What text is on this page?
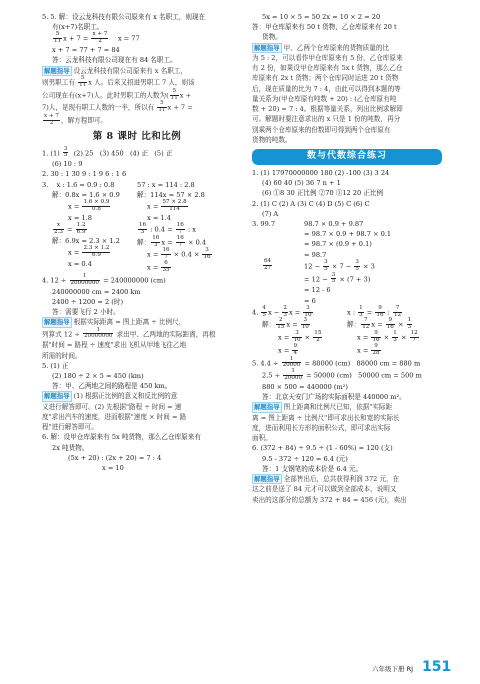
5. 5. 解：设云龙科技有限公司原来有 x 名职工，则现在
有(x+7)名职工。
$\frac{5}{11}$ $x + 7 = \frac{x + 7}{2}$ x = 77
x + 7 = 77 + 7 = 84
答：云龙科技有限公司现在有 84 名职工。
解题指导 设云龙科技有限公司原来有 x 名职工，
则男职工有 $\frac{5}{11}$ x 人。后来又招进男职工 7 人，则该
公司现在有(x+7)人。此时男职工的人数为( $\frac{5}{11}$ x +
7)人，是现有职工人数的一半，所以有 $\frac{5}{11}$ x + 7 =
$\frac{x + 7}{2}$ ，解方程即可。
第 8 课时 比和比例
1. $(1) \frac{3}{5} (2)$ 25   (3) 450   (4) 正   (5) 正
(6) 10 : 9
2. 30 : 1 30 9 : 1 9 6 : 1 6
3.    x : 1.6 = 0.9 : 0.8
解：0.8x = 1.6 × 0.9
$x = \frac{1.6 \times 0.9}{0.8}$
x = 1.8
$\frac{x}{2.3} = \frac{1.2}{6.9}$
解：6.9x = 2.3 × 1.2
$x = \frac{2.3 \times 1.2}{6.9}$
x = 0.4
57 : x = 114 : 2.8
解：114x = 57 × 2.8
$x = \frac{57 \times 2.8}{114}$
x = 1.4
$\frac{16}{3}$ : $0.4 = \frac{16}{7}$ : x
解： $\frac{16}{3}$ $x = \frac{16}{7} \times 0.4$
$x = \frac{16}{7} \times 0.4 \times \frac{3}{16}$
$x = \frac{6}{35}$
4. $12 \div \frac{1}{20000000} = 240000000$ (cm)
240000000 cm = 2400 km
2400 ÷ 1200 = 2 (时)
答：需要飞行 2 小时。
解题指导 根据实际距离 = 图上距离 ÷ 比例尺，
列算式 $12 \div \frac{1}{20000000}$ 求出甲、乙两地的实际距离，再根
据"时间 = 路程 ÷ 速度"求出飞机从甲地飞往乙地
所需的时间。
5. (1) 正
(2) 180 ÷ 2 × 5 = 450 (km)
答：甲、乙两地之间的路程是 450 km。
解题指导 (1) 根据正比例的意义和反比例的意
义进行解答即可。(2) 先根据"路程 ÷ 时间 = 速
度"求出汽车的速度，进而根据"速度 × 时间 = 路
程"进行解答即可。
6. 解：设甲仓库原来有 5x 吨货物，那么乙仓库原来有
2x 吨货物。
(5x + 20) : (2x + 20) = 7 : 4
x = 10
5x = 10 × 5 = 50 2x = 10 × 2 = 20
答：甲仓库原来有 50 t 货物，乙仓库原来有 20 t
货物。
解题指导 甲、乙两个仓库原来的货物质量的比
为 5 : 2，可以看作甲仓库原来有 5 份，乙仓库原来
有 2 份，如果设甲仓库原来有 5x t 货物，那么乙仓
库原来有 2x t 货物；两个仓库同时运进 20 t 货物
后，现在质量的比为 7 : 4，由此可以得到本题的等
量关系为(甲仓库原有吨数 + 20) : (乙仓库原有吨
数 + 20) = 7 : 4。根据等量关系，列出比例求解即
可。解题时要注意求出的 x 只是 1 份的吨数，再分
别乘两个仓库原来的份数即可得到两个仓库原有
货物的吨数。
数与代数综合练习
1. (1) 17970000000 180 (2) -100 (3) 3 24
(4) 60 40 (5) 36 7 n + 1
(6) ①8 30 正比例 ②70 ③12 20 正比例
2. (1) C (2) A (3) C (4) D (5) C (6) C
(7) A
3. 99.7
$\frac{64}{27}$
98.7 × 0.9 + 9.87
= 98.7 × 0.9 + 98.7 × 0.1
= 98.7 × (0.9 + 0.1)
= 98.7
$12 - \frac{3}{5} \times 7 - \frac{3}{5} \times 3$
= $12 - \frac{3}{5} \times (7 + 3)$
= 12 - 6
= 6
4. $\frac{4}{5}$ $x - \frac{2}{3}$ $x = \frac{3}{10}$
解： $\frac{2}{15}$ $x = \frac{3}{10}$
$x = \frac{3}{10} \times \frac{15}{2}$
$x = \frac{9}{4}$
x : $\frac{1}{3} = \frac{9}{16}$ : $\frac{7}{12}$
解： $\frac{7}{12}$ $x = \frac{9}{16} \times \frac{1}{3}$
$x = \frac{9}{16} \times \frac{1}{3} \times \frac{12}{7}$
$x = \frac{9}{28}$
5. $4.4 \div \frac{1}{20000} = 88000$ (cm)   88000 cm = 880 m
$2.5 \div \frac{1}{20000} = 50000$ (cm)   50000 cm = 500 m
880 × 500 = 440000 (m²)
答：北京天安门广场的实际面积是 440000 m²。
解题指导 图上距离和比例尺已知，依据"实际距
离 = 图上距离 ÷ 比例尺"即可求出长和宽的实际长
度，进而利用长方形的面积公式，即可求出实际
面积。
6. (372 + 84) ÷ 9.5 ÷ (1 - 60%) = 120 (支)
9.5 - 372 ÷ 120 = 6.4 (元)
答：1 支钢笔的成本价是 6.4 元。
解题指导 全部售出后，总共获得利润 372 元，在
这之前是送了 84 元才可以做到全部成本，说明又
卖出的这部分的总额为 372 + 84 = 456 (元)，卖出
六年级下册 RJ 151
